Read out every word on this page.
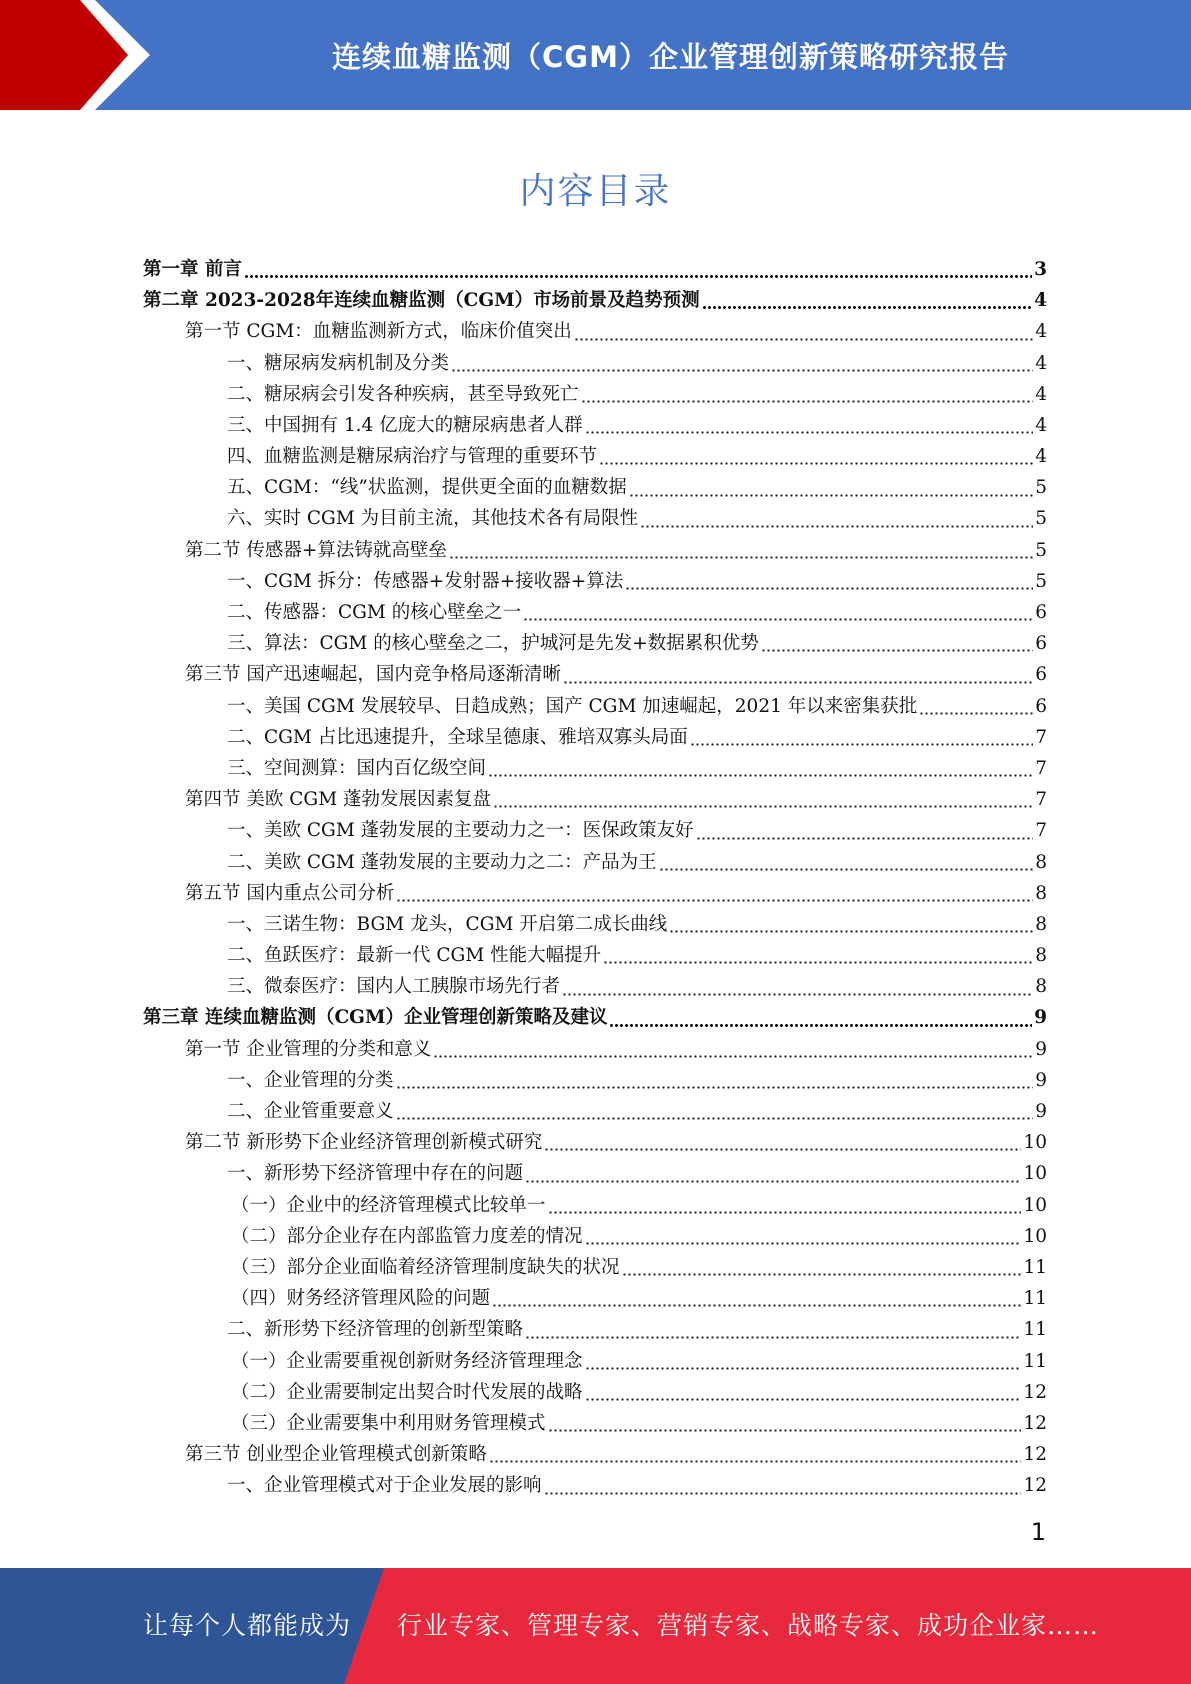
连续血糖监测（CGM）企业管理创新策略研究报告
内容目录
第一章 前言	3
第二章 2023-2028年连续血糖监测（CGM）市场前景及趋势预测	4
第一节 CGM：血糖监测新方式，临床价值突出	4
一、糖尿病发病机制及分类	4
二、糖尿病会引发各种疾病，甚至导致死亡	4
三、中国拥有 1.4 亿庞大的糖尿病患者人群	4
四、血糖监测是糖尿病治疗与管理的重要环节	4
五、CGM：“线”状监测，提供更全面的血糖数据	5
六、实时 CGM 为目前主流，其他技术各有局限性	5
第二节 传感器+算法铸就高壁垒	5
一、CGM 拆分：传感器+发射器+接收器+算法	5
二、传感器：CGM 的核心壁垒之一	6
三、算法：CGM 的核心壁垒之二，护城河是先发+数据累积优势	6
第三节 国产迅速崛起，国内竞争格局逐渐清晰	6
一、美国 CGM 发展较早、日趋成熟；国产 CGM 加速崛起，2021 年以来密集获批	6
二、CGM 占比迅速提升，全球呈德康、雅培双寡头局面	7
三、空间测算：国内百亿级空间	7
第四节 美欧 CGM 蓬勃发展因素复盘	7
一、美欧 CGM 蓬勃发展的主要动力之一：医保政策友好	7
二、美欧 CGM 蓬勃发展的主要动力之二：产品为王	8
第五节 国内重点公司分析	8
一、三诺生物：BGM 龙头，CGM 开启第二成长曲线	8
二、鱼跃医疗：最新一代 CGM 性能大幅提升	8
三、微泰医疗：国内人工胰腺市场先行者	8
第三章 连续血糖监测（CGM）企业管理创新策略及建议	9
第一节 企业管理的分类和意义	9
一、企业管理的分类	9
二、企业管重要意义	9
第二节 新形势下企业经济管理创新模式研究	10
一、新形势下经济管理中存在的问题	10
（一）企业中的经济管理模式比较单一	10
（二）部分企业存在内部监管力度差的情况	10
（三）部分企业面临着经济管理制度缺失的状况	11
（四）财务经济管理风险的问题	11
二、新形势下经济管理的创新型策略	11
（一）企业需要重视创新财务经济管理理念	11
（二）企业需要制定出契合时代发展的战略	12
（三）企业需要集中利用财务管理模式	12
第三节 创业型企业管理模式创新策略	12
一、企业管理模式对于企业发展的影响	12
1
让每个人都能成为 行业专家、管理专家、营销专家、战略专家、成功企业家……
